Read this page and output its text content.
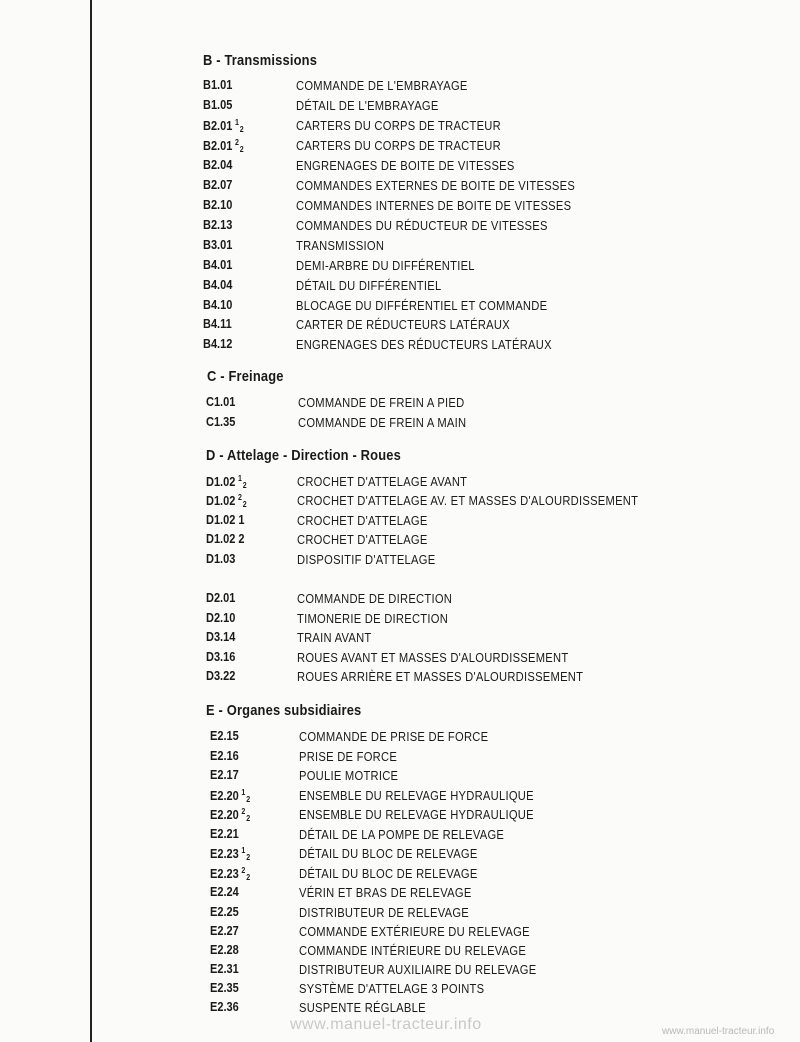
B - Transmissions
B1.01	COMMANDE DE L'EMBRAYAGE
B1.05	DÉTAIL DE L'EMBRAYAGE
B2.01 $^1_2$	CARTERS DU CORPS DE TRACTEUR
B2.01 $^2_2$	CARTERS DU CORPS DE TRACTEUR
B2.04	ENGRENAGES DE BOITE DE VITESSES
B2.07	COMMANDES EXTERNES DE BOITE DE VITESSES
B2.10	COMMANDES INTERNES DE BOITE DE VITESSES
B2.13	COMMANDES DU RÉDUCTEUR DE VITESSES
B3.01	TRANSMISSION
B4.01	DEMI-ARBRE DU DIFFÉRENTIEL
B4.04	DÉTAIL DU DIFFÉRENTIEL
B4.10	BLOCAGE DU DIFFÉRENTIEL ET COMMANDE
B4.11	CARTER DE RÉDUCTEURS LATÉRAUX
B4.12	ENGRENAGES DES RÉDUCTEURS LATÉRAUX
C - Freinage
C1.01	COMMANDE DE FREIN A PIED
C1.35	COMMANDE DE FREIN A MAIN
D - Attelage - Direction - Roues
D1.02 $^1_2$	CROCHET D'ATTELAGE AVANT
D1.02 $^2_2$	CROCHET D'ATTELAGE AV. ET MASSES D'ALOURDISSEMENT
D1.02 1	CROCHET D'ATTELAGE
D1.02 2	CROCHET D'ATTELAGE
D1.03	DISPOSITIF D'ATTELAGE
D2.01	COMMANDE DE DIRECTION
D2.10	TIMONERIE DE DIRECTION
D3.14	TRAIN AVANT
D3.16	ROUES AVANT ET MASSES D'ALOURDISSEMENT
D3.22	ROUES ARRIÈRE ET MASSES D'ALOURDISSEMENT
E - Organes subsidiaires
E2.15	COMMANDE DE PRISE DE FORCE
E2.16	PRISE DE FORCE
E2.17	POULIE MOTRICE
E2.20 $^1_2$	ENSEMBLE DU RELEVAGE HYDRAULIQUE
E2.20 $^2_2$	ENSEMBLE DU RELEVAGE HYDRAULIQUE
E2.21	DÉTAIL DE LA POMPE DE RELEVAGE
E2.23 $^1_2$	DÉTAIL DU BLOC DE RELEVAGE
E2.23 $^2_2$	DÉTAIL DU BLOC DE RELEVAGE
E2.24	VÉRIN ET BRAS DE RELEVAGE
E2.25	DISTRIBUTEUR DE RELEVAGE
E2.27	COMMANDE EXTÉRIEURE DU RELEVAGE
E2.28	COMMANDE INTÉRIEURE DU RELEVAGE
E2.31	DISTRIBUTEUR AUXILIAIRE DU RELEVAGE
E2.35	SYSTÈME D'ATTELAGE 3 POINTS
E2.36	SUSPENTE RÉGLABLE
www.manuel-tracteur.info	www.manuel-tracteur.info
